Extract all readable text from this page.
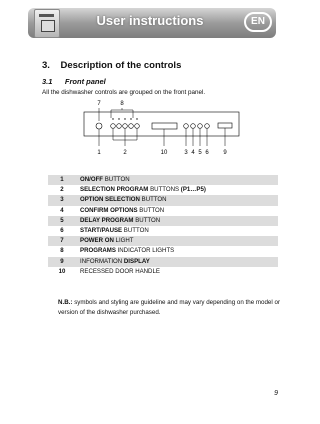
User instructions	EN
3.    Description of the controls
3.1      Front panel
All the dishwasher controls are grouped on the front panel.
7	8
1	2	10	3 4 5 6 9
1	ON/OFF BUTTON
2	SELECTION PROGRAM BUTTONS (P1…P5)
3	OPTION SELECTION BUTTON
4	CONFIRM OPTIONS BUTTON
5	DELAY PROGRAM BUTTON
6	START/PAUSE BUTTON
7	POWER ON LIGHT
8	PROGRAMS INDICATOR LIGHTS
9	INFORMATION DISPLAY
10	RECESSED DOOR HANDLE
N.B.: symbols and styling are guideline and may vary depending on the model or version of the dishwasher purchased.
9
